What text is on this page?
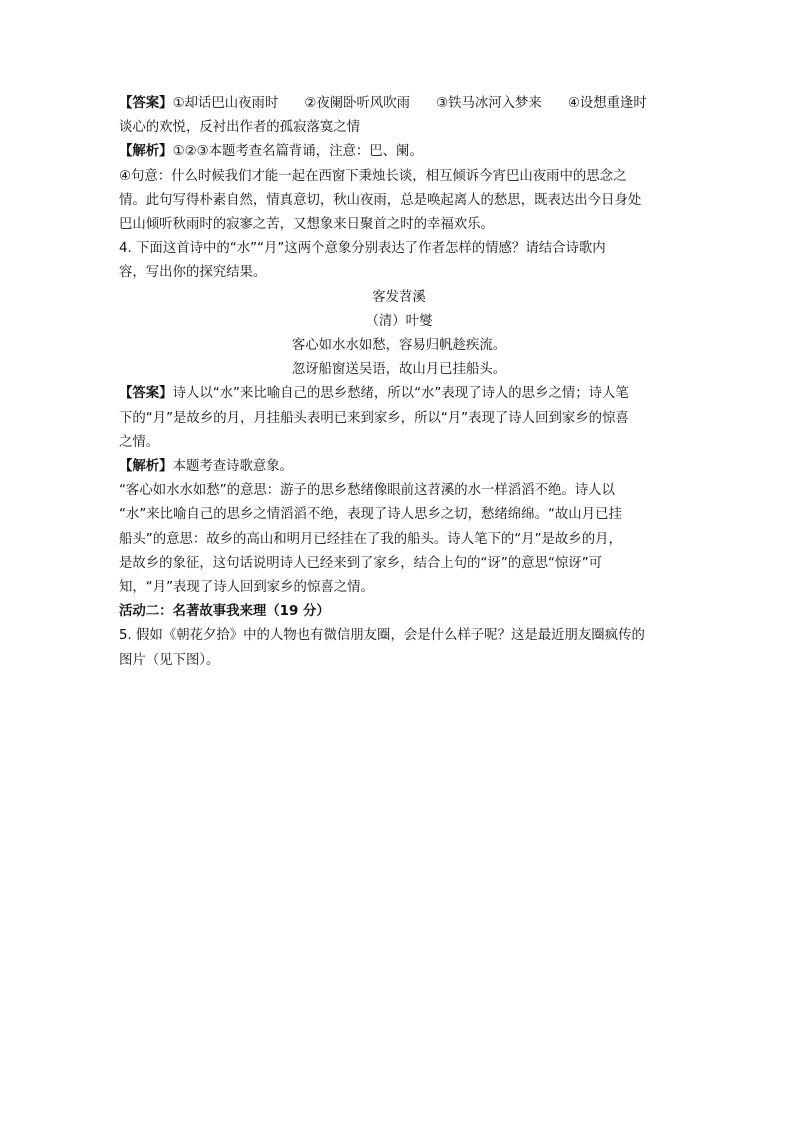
【答案】①却话巴山夜雨时 ②夜阑卧听风吹雨 ③铁马冰河入梦来 ④设想重逢时

谈心的欢悦，反衬出作者的孤寂落寞之情

【解析】①②③本题考查名篇背诵，注意：巴、阑。

④句意：什么时候我们才能一起在西窗下秉烛长谈，相互倾诉今宵巴山夜雨中的思念之

情。此句写得朴素自然，情真意切，秋山夜雨，总是唤起离人的愁思，既表达出今日身处

巴山倾听秋雨时的寂寥之苦，又想象来日聚首之时的幸福欢乐。

4. 下面这首诗中的“水”“月”这两个意象分别表达了作者怎样的情感？请结合诗歌内

容，写出你的探究结果。

客发苕溪

（清）叶燮

客心如水水如愁，容易归帆趁疾流。

忽讶船窗送吴语，故山月已挂船头。

【答案】诗人以“水”来比喻自己的思乡愁绪，所以“水”表现了诗人的思乡之情；诗人笔

下的“月”是故乡的月，月挂船头表明已来到家乡，所以“月”表现了诗人回到家乡的惊喜

之情。

【解析】本题考查诗歌意象。

“客心如水水如愁”的意思：游子的思乡愁绪像眼前这苕溪的水一样滔滔不绝。诗人以

“水”来比喻自己的思乡之情滔滔不绝，表现了诗人思乡之切，愁绪绵绵。“故山月已挂

船头”的意思：故乡的高山和明月已经挂在了我的船头。诗人笔下的“月”是故乡的月，

是故乡的象征，这句话说明诗人已经来到了家乡，结合上句的“讶”的意思“惊讶”可

知，“月”表现了诗人回到家乡的惊喜之情。

活动二：名著故事我来理（19 分）

5. 假如《朝花夕拾》中的人物也有微信朋友圈，会是什么样子呢？这是最近朋友圈疯传的

图片（见下图）。
